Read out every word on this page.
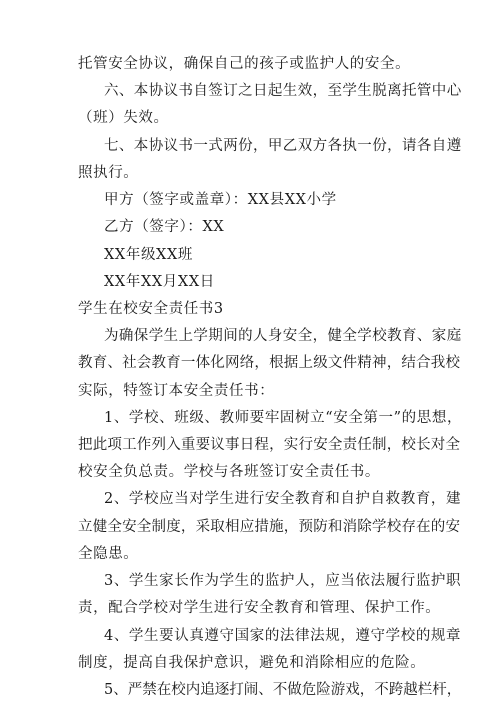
托管安全协议，确保自己的孩子或监护人的安全。
六、本协议书自签订之日起生效，至学生脱离托管中心
（班）失效。
七、本协议书一式两份，甲乙双方各执一份，请各自遵
照执行。
甲方（签字或盖章）：XX县XX小学
乙方（签字）：XX
XX年级XX班
XX年XX月XX日
学生在校安全责任书3
为确保学生上学期间的人身安全，健全学校教育、家庭
教育、社会教育一体化网络，根据上级文件精神，结合我校
实际，特签订本安全责任书：
1、学校、班级、教师要牢固树立“安全第一”的思想，
把此项工作列入重要议事日程，实行安全责任制，校长对全
校安全负总责。学校与各班签订安全责任书。
2、学校应当对学生进行安全教育和自护自救教育，建
立健全安全制度，采取相应措施，预防和消除学校存在的安
全隐患。
3、学生家长作为学生的监护人，应当依法履行监护职
责，配合学校对学生进行安全教育和管理、保护工作。
4、学生要认真遵守国家的法律法规，遵守学校的规章
制度，提高自我保护意识，避免和消除相应的危险。
5、严禁在校内追逐打闹、不做危险游戏，不跨越栏杆，
